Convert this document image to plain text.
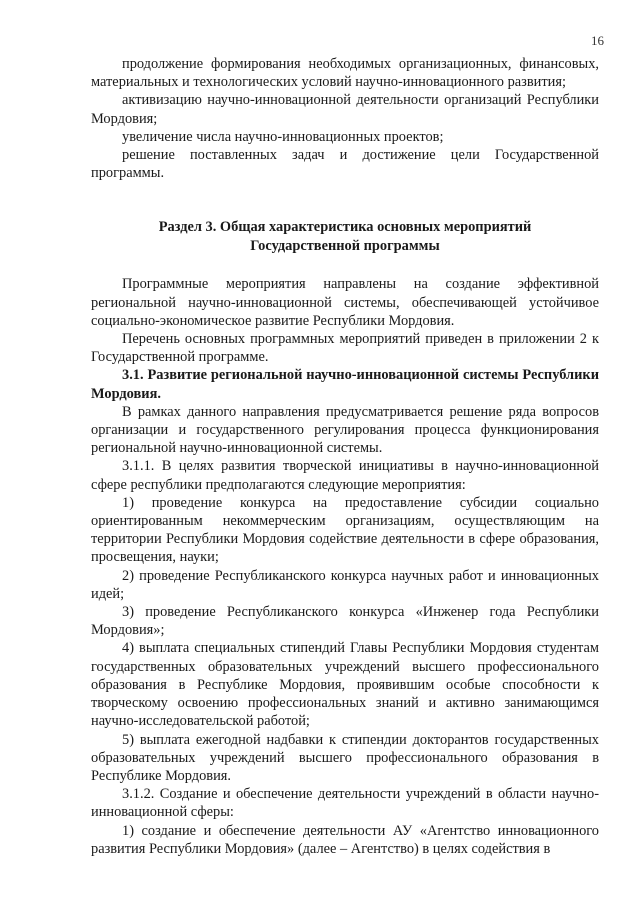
16

продолжение формирования необходимых организационных, финансовых, материальных и технологических условий научно-инновационного развития;

активизацию научно-инновационной деятельности организаций Республики Мордовия;

увеличение числа научно-инновационных проектов;

решение поставленных задач и достижение цели Государственной программы.

Раздел 3. Общая характеристика основных мероприятий
Государственной программы

Программные мероприятия направлены на создание эффективной региональной научно-инновационной системы, обеспечивающей устойчивое социально-экономическое развитие Республики Мордовия.

Перечень основных программных мероприятий приведен в приложении 2 к Государственной программе.

3.1. Развитие региональной научно-инновационной системы Республики Мордовия.

В рамках данного направления предусматривается решение ряда вопросов организации и государственного регулирования процесса функционирования региональной научно-инновационной системы.

3.1.1. В целях развития творческой инициативы в научно-инновационной сфере республики предполагаются следующие мероприятия:

1) проведение конкурса на предоставление субсидии социально ориентированным некоммерческим организациям, осуществляющим на территории Республики Мордовия содействие деятельности в сфере образования, просвещения, науки;

2) проведение Республиканского конкурса научных работ и инновационных идей;

3) проведение Республиканского конкурса «Инженер года Республики Мордовия»;

4) выплата специальных стипендий Главы Республики Мордовия студентам государственных образовательных учреждений высшего профессионального образования в Республике Мордовия, проявившим особые способности к творческому освоению профессиональных знаний и активно занимающимся научно-исследовательской работой;

5) выплата ежегодной надбавки к стипендии докторантов государственных образовательных учреждений высшего профессионального образования в Республике Мордовия.

3.1.2. Создание и обеспечение деятельности учреждений в области научно-инновационной сферы:

1) создание и обеспечение деятельности АУ «Агентство инновационного развития Республики Мордовия» (далее – Агентство) в целях содействия в
